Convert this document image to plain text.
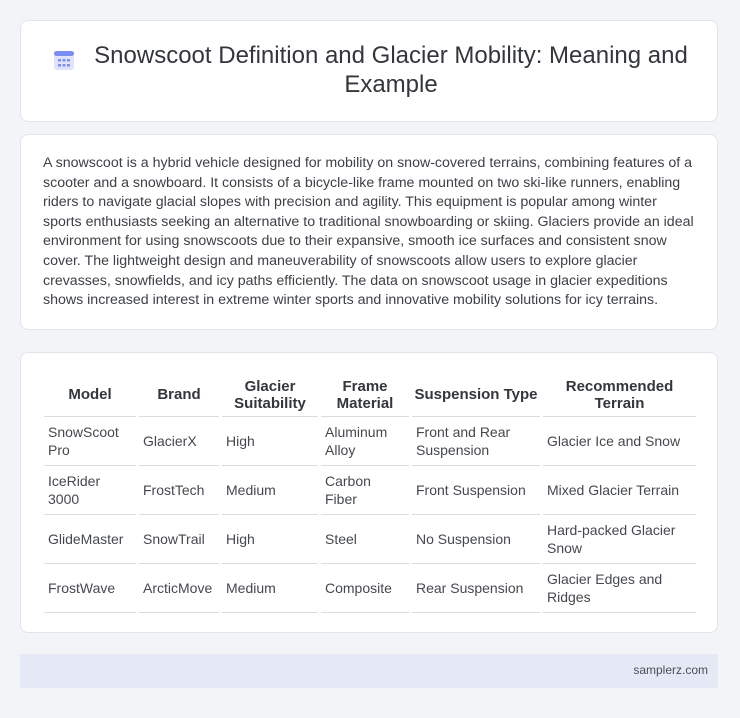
Snowscoot Definition and Glacier Mobility: Meaning and Example

A snowscoot is a hybrid vehicle designed for mobility on snow-covered terrains, combining features of a scooter and a snowboard. It consists of a bicycle-like frame mounted on two ski-like runners, enabling riders to navigate glacial slopes with precision and agility. This equipment is popular among winter sports enthusiasts seeking an alternative to traditional snowboarding or skiing. Glaciers provide an ideal environment for using snowscoots due to their expansive, smooth ice surfaces and consistent snow cover. The lightweight design and maneuverability of snowscoots allow users to explore glacier crevasses, snowfields, and icy paths efficiently. The data on snowscoot usage in glacier expeditions shows increased interest in extreme winter sports and innovative mobility solutions for icy terrains.

Model	Brand	Glacier Suitability	Frame Material	Suspension Type	Recommended Terrain
SnowScoot Pro	GlacierX	High	Aluminum Alloy	Front and Rear Suspension	Glacier Ice and Snow
IceRider 3000	FrostTech	Medium	Carbon Fiber	Front Suspension	Mixed Glacier Terrain
GlideMaster	SnowTrail	High	Steel	No Suspension	Hard-packed Glacier Snow
FrostWave	ArcticMove	Medium	Composite	Rear Suspension	Glacier Edges and Ridges
samplerz.com
